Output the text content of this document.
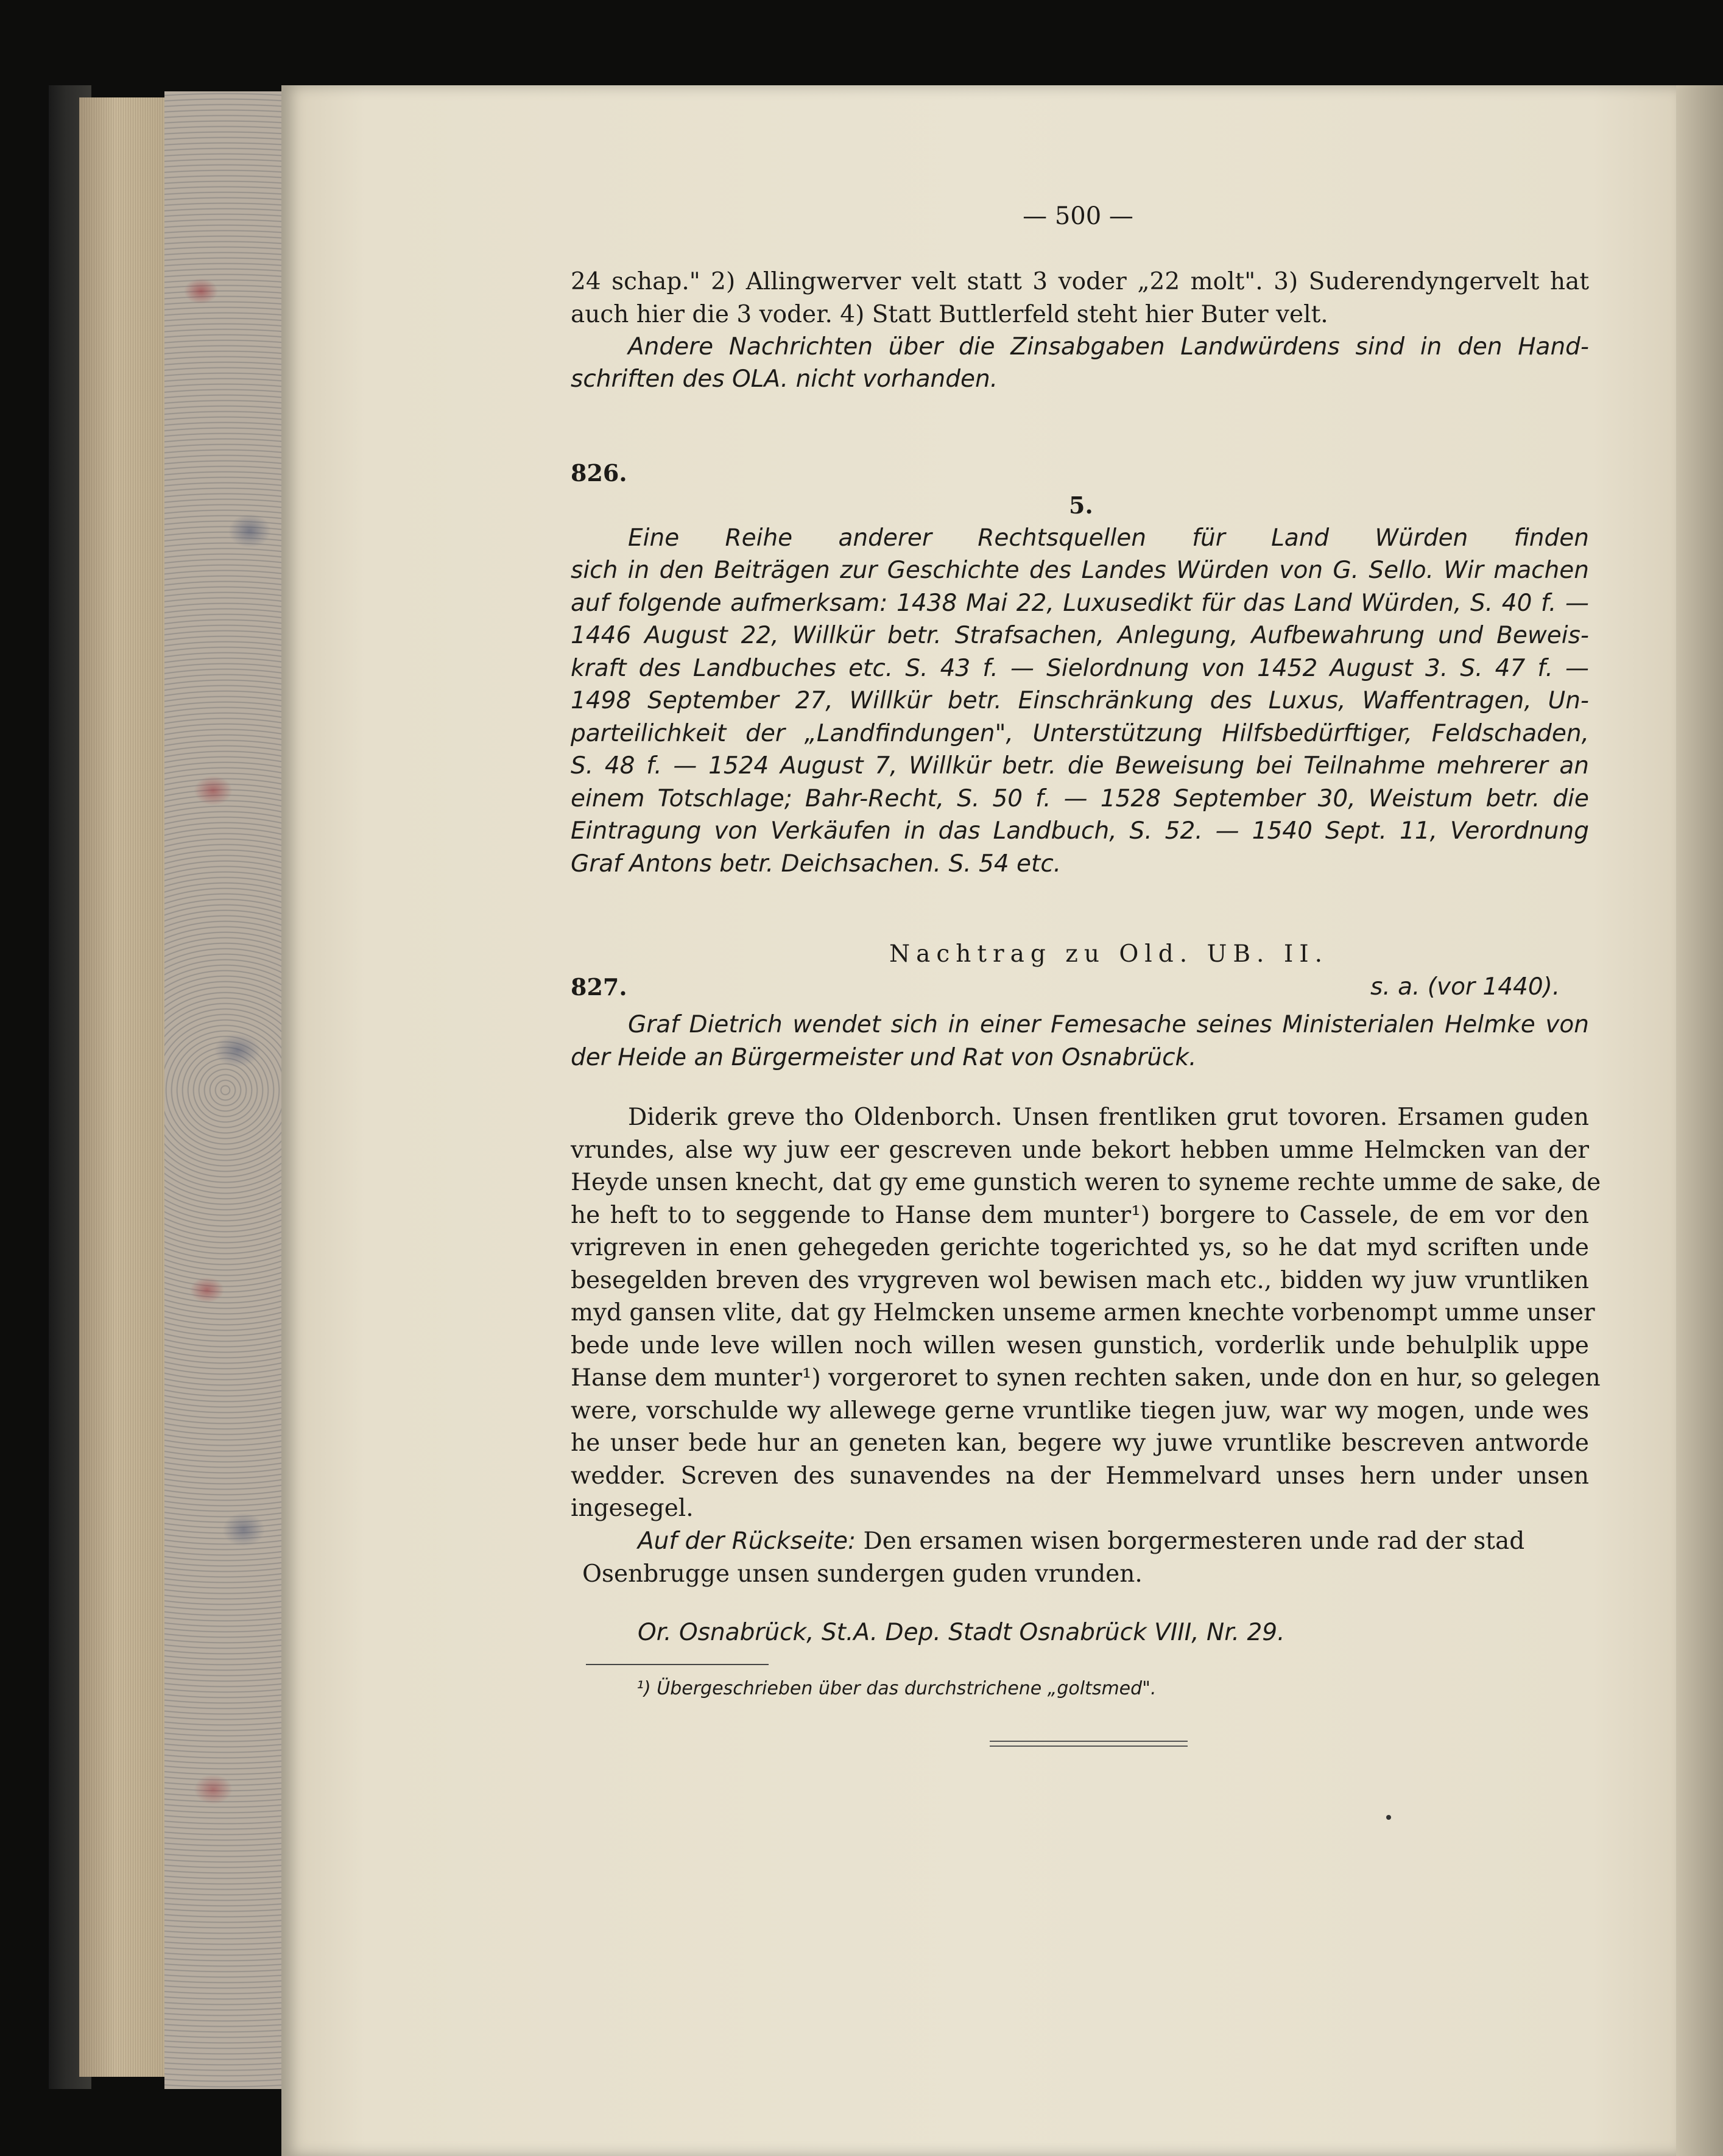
— 500 —
24 schap." 2) Allingwerver velt statt 3 voder „22 molt". 3) Suderendyngervelt hat
auch hier die 3 voder. 4) Statt Buttlerfeld steht hier Buter velt.
Andere Nachrichten über die Zinsabgaben Landwürdens sind in den Hand-
schriften des OLA. nicht vorhanden.
826.
5.
Eine Reihe anderer Rechtsquellen für Land Würden finden
sich in den Beiträgen zur Geschichte des Landes Würden von G. Sello. Wir machen
auf folgende aufmerksam: 1438 Mai 22, Luxusedikt für das Land Würden, S. 40 f. —
1446 August 22, Willkür betr. Strafsachen, Anlegung, Aufbewahrung und Beweis-
kraft des Landbuches etc. S. 43 f. — Sielordnung von 1452 August 3. S. 47 f. —
1498 September 27, Willkür betr. Einschränkung des Luxus, Waffentragen, Un-
parteilichkeit der „Landfindungen", Unterstützung Hilfsbedürftiger, Feldschaden,
S. 48 f. — 1524 August 7, Willkür betr. die Beweisung bei Teilnahme mehrerer an
einem Totschlage; Bahr-Recht, S. 50 f. — 1528 September 30, Weistum betr. die
Eintragung von Verkäufen in das Landbuch, S. 52. — 1540 Sept. 11, Verordnung
Graf Antons betr. Deichsachen. S. 54 etc.
Nachtrag zu Old. UB. II.
827.	s. a. (vor 1440).
Graf Dietrich wendet sich in einer Femesache seines Ministerialen Helmke von
der Heide an Bürgermeister und Rat von Osnabrück.
Diderik greve tho Oldenborch. Unsen frentliken grut tovoren. Ersamen guden
vrundes, alse wy juw eer gescreven unde bekort hebben umme Helmcken van der
Heyde unsen knecht, dat gy eme gunstich weren to syneme rechte umme de sake, de
he heft to to seggende to Hanse dem munter¹) borgere to Cassele, de em vor den
vrigreven in enen gehegeden gerichte togerichted ys, so he dat myd scriften unde
besegelden breven des vrygreven wol bewisen mach etc., bidden wy juw vruntliken
myd gansen vlite, dat gy Helmcken unseme armen knechte vorbenompt umme unser
bede unde leve willen noch willen wesen gunstich, vorderlik unde behulplik uppe
Hanse dem munter¹) vorgeroret to synen rechten saken, unde don en hur, so gelegen
were, vorschulde wy allewege gerne vruntlike tiegen juw, war wy mogen, unde wes
he unser bede hur an geneten kan, begere wy juwe vruntlike bescreven antworde
wedder. Screven des sunavendes na der Hemmelvard unses hern under unsen
ingesegel.
Auf der Rückseite: Den ersamen wisen borgermesteren unde rad der stad
Osenbrugge unsen sundergen guden vrunden.
Or. Osnabrück, St.A. Dep. Stadt Osnabrück VIII, Nr. 29.
¹) Übergeschrieben über das durchstrichene „goltsmed".
